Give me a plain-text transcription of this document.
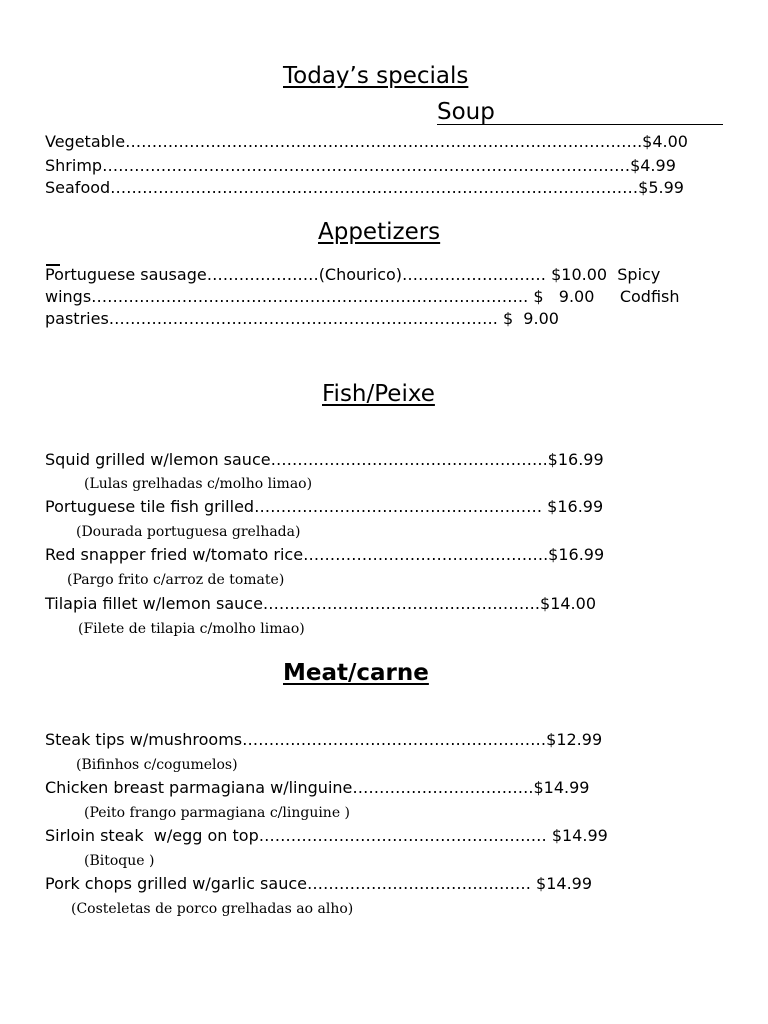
Today’s specials
Soup
Vegetable…………………………………………………………………………………….$4.00
Shrimp………………………………………………………………………………………$4.99
Seafood………………………………………………………………………………………$5.99
Appetizers
Portuguese sausage…………………(Chourico)……………………… $10.00  Spicy
wings………………………………………………………………………. $   9.00     Codfish
pastries………………………………………………………………. $  9.00
Fish/Peixe
Squid grilled w/lemon sauce…………………………………………….$16.99
(Lulas grelhadas c/molho limao)
Portuguese tile fish grilled……………………………………………… $16.99
(Dourada portuguesa grelhada)
Red snapper fried w/tomato rice……………………………………….$16.99
(Pargo frito c/arroz de tomate)
Tilapia fillet w/lemon sauce…………………………………………….$14.00
(Filete de tilapia c/molho limao)
Meat/carne
Steak tips w/mushrooms…………………………………………………$12.99
(Bifinhos c/cogumelos)
Chicken breast parmagiana w/linguine…………………………….$14.99
(Peito frango parmagiana c/linguine )
Sirloin steak  w/egg on top……………………………………………… $14.99
(Bitoque )
Pork chops grilled w/garlic sauce…………………………………… $14.99
(Costeletas de porco grelhadas ao alho)
